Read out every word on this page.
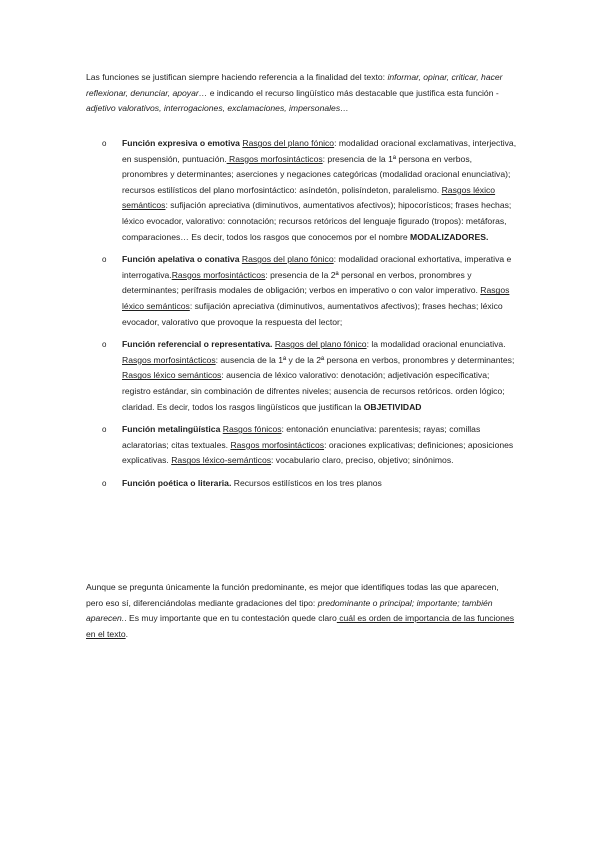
Las funciones se justifican siempre haciendo referencia a la finalidad del texto: informar, opinar, criticar, hacer reflexionar, denunciar, apoyar… e indicando el recurso lingüístico más destacable que justifica esta función -adjetivo valorativos, interrogaciones, exclamaciones, impersonales…

o Función expresiva o emotiva Rasgos del plano fónico: modalidad oracional exclamativas, interjectiva, en suspensión, puntuación. Rasgos morfosintácticos: presencia de la 1ª persona en verbos, pronombres y determinantes; aserciones y negaciones categóricas (modalidad oracional enunciativa); recursos estilísticos del plano morfosintáctico: asíndetón, polisíndeton, paralelismo. Rasgos léxico semánticos: sufijación apreciativa (diminutivos, aumentativos afectivos); hipocorísticos; frases hechas; léxico evocador, valorativo: connotación; recursos retóricos del lenguaje figurado (tropos): metáforas, comparaciones… Es decir, todos los rasgos que conocemos por el nombre MODALIZADORES.
o Función apelativa o conativa Rasgos del plano fónico: modalidad oracional exhortativa, imperativa e interrogativa.Rasgos morfosintácticos: presencia de la 2ª personal en verbos, pronombres y determinantes; perífrasis modales de obligación; verbos en imperativo o con valor imperativo. Rasgos léxico semánticos: sufijación apreciativa (diminutivos, aumentativos afectivos); frases hechas; léxico evocador, valorativo que provoque la respuesta del lector;
o Función referencial o representativa. Rasgos del plano fónico: la modalidad oracional enunciativa. Rasgos morfosintácticos: ausencia de la 1ª y de la 2ª persona en verbos, pronombres y determinantes; Rasgos léxico semánticos: ausencia de léxico valorativo: denotación; adjetivación especificativa; registro estándar, sin combinación de difrentes niveles; ausencia de recursos retóricos. orden lógico; claridad. Es decir, todos los rasgos lingüísticos que justifican la OBJETIVIDAD
o Función metalingüística Rasgos fónicos: entonación enunciativa: parentesis; rayas; comillas aclaratorias; citas textuales. Rasgos morfosintácticos: oraciones explicativas; definiciones; aposiciones explicativas. Rasgos léxico-semánticos: vocabulario claro, preciso, objetivo; sinónimos.
o Función poética o literaria. Recursos estilísticos en los tres planos

Aunque se pregunta únicamente la función predominante, es mejor que identifiques todas las que aparecen, pero eso sí, diferenciándolas mediante gradaciones del tipo: predominante o principal; importante; también aparecen.. Es muy importante que en tu contestación quede claro cuál es orden de importancia de las funciones en el texto.
